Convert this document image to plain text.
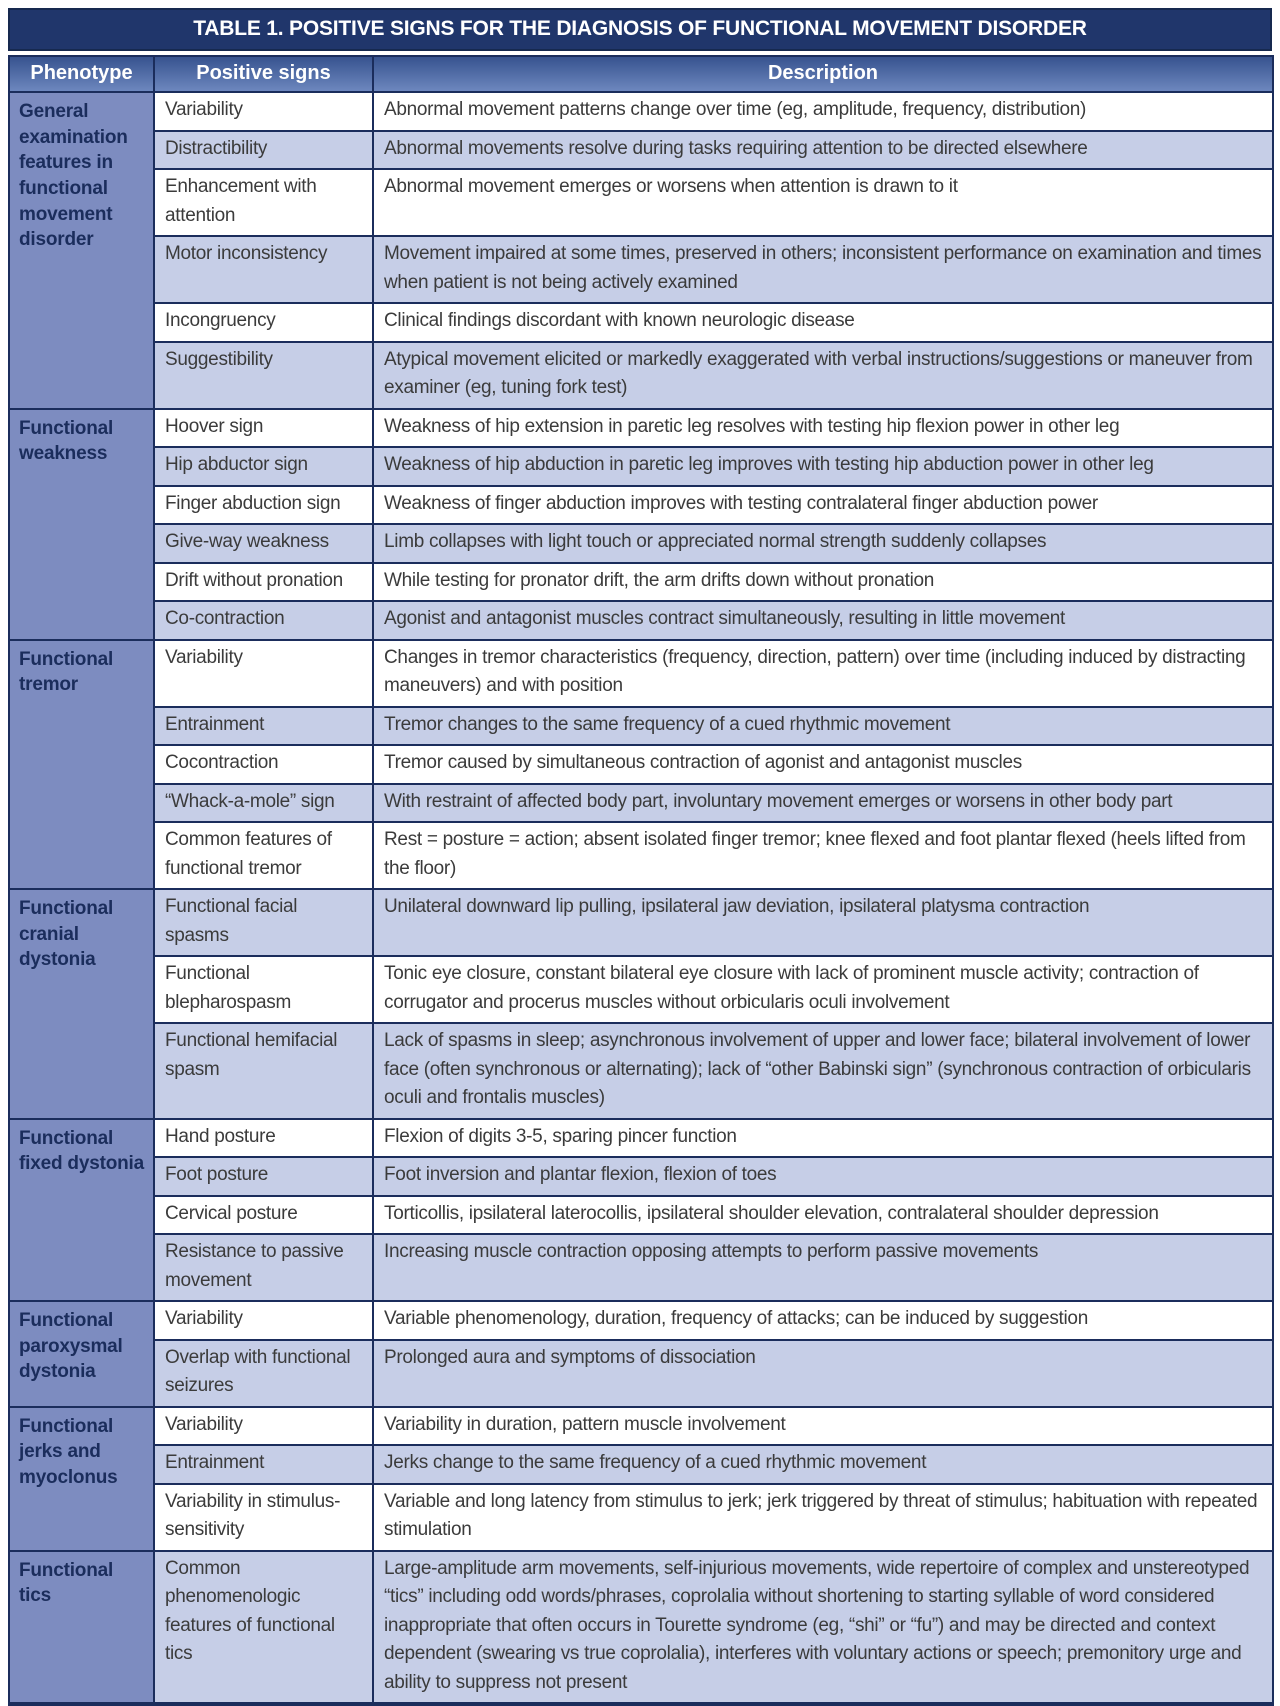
TABLE 1. POSITIVE SIGNS FOR THE DIAGNOSIS OF FUNCTIONAL MOVEMENT DISORDER
Phenotype	Positive signs	Description
General examination features in functional movement disorder	Variability	Abnormal movement patterns change over time (eg, amplitude, frequency, distribution)
	Distractibility	Abnormal movements resolve during tasks requiring attention to be directed elsewhere
	Enhancement with attention	Abnormal movement emerges or worsens when attention is drawn to it
	Motor inconsistency	Movement impaired at some times, preserved in others; inconsistent performance on examination and times when patient is not being actively examined
	Incongruency	Clinical findings discordant with known neurologic disease
	Suggestibility	Atypical movement elicited or markedly exaggerated with verbal instructions/suggestions or maneuver from examiner (eg, tuning fork test)
Functional weakness	Hoover sign	Weakness of hip extension in paretic leg resolves with testing hip flexion power in other leg
	Hip abductor sign	Weakness of hip abduction in paretic leg improves with testing hip abduction power in other leg
	Finger abduction sign	Weakness of finger abduction improves with testing contralateral finger abduction power
	Give-way weakness	Limb collapses with light touch or appreciated normal strength suddenly collapses
	Drift without pronation	While testing for pronator drift, the arm drifts down without pronation
	Co-contraction	Agonist and antagonist muscles contract simultaneously, resulting in little movement
Functional tremor	Variability	Changes in tremor characteristics (frequency, direction, pattern) over time (including induced by distracting maneuvers) and with position
	Entrainment	Tremor changes to the same frequency of a cued rhythmic movement
	Cocontraction	Tremor caused by simultaneous contraction of agonist and antagonist muscles
	“Whack-a-mole” sign	With restraint of affected body part, involuntary movement emerges or worsens in other body part
	Common features of functional tremor	Rest = posture = action; absent isolated finger tremor; knee flexed and foot plantar flexed (heels lifted from the floor)
Functional cranial dystonia	Functional facial spasms	Unilateral downward lip pulling, ipsilateral jaw deviation, ipsilateral platysma contraction
	Functional blepharospasm	Tonic eye closure, constant bilateral eye closure with lack of prominent muscle activity; contraction of corrugator and procerus muscles without orbicularis oculi involvement
	Functional hemifacial spasm	Lack of spasms in sleep; asynchronous involvement of upper and lower face; bilateral involvement of lower face (often synchronous or alternating); lack of “other Babinski sign” (synchronous contraction of orbicularis oculi and frontalis muscles)
Functional fixed dystonia	Hand posture	Flexion of digits 3-5, sparing pincer function
	Foot posture	Foot inversion and plantar flexion, flexion of toes
	Cervical posture	Torticollis, ipsilateral laterocollis, ipsilateral shoulder elevation, contralateral shoulder depression
	Resistance to passive movement	Increasing muscle contraction opposing attempts to perform passive movements
Functional paroxysmal dystonia	Variability	Variable phenomenology, duration, frequency of attacks; can be induced by suggestion
	Overlap with functional seizures	Prolonged aura and symptoms of dissociation
Functional jerks and myoclonus	Variability	Variability in duration, pattern muscle involvement
	Entrainment	Jerks change to the same frequency of a cued rhythmic movement
	Variability in stimulus-sensitivity	Variable and long latency from stimulus to jerk; jerk triggered by threat of stimulus; habituation with repeated stimulation
Functional tics	Common phenomenologic features of functional tics	Large-amplitude arm movements, self-injurious movements, wide repertoire of complex and unstereotyped “tics” including odd words/phrases, coprolalia without shortening to starting syllable of word considered inappropriate that often occurs in Tourette syndrome (eg, “shi” or “fu”) and may be directed and context dependent (swearing vs true coprolalia), interferes with voluntary actions or speech; premonitory urge and ability to suppress not present
